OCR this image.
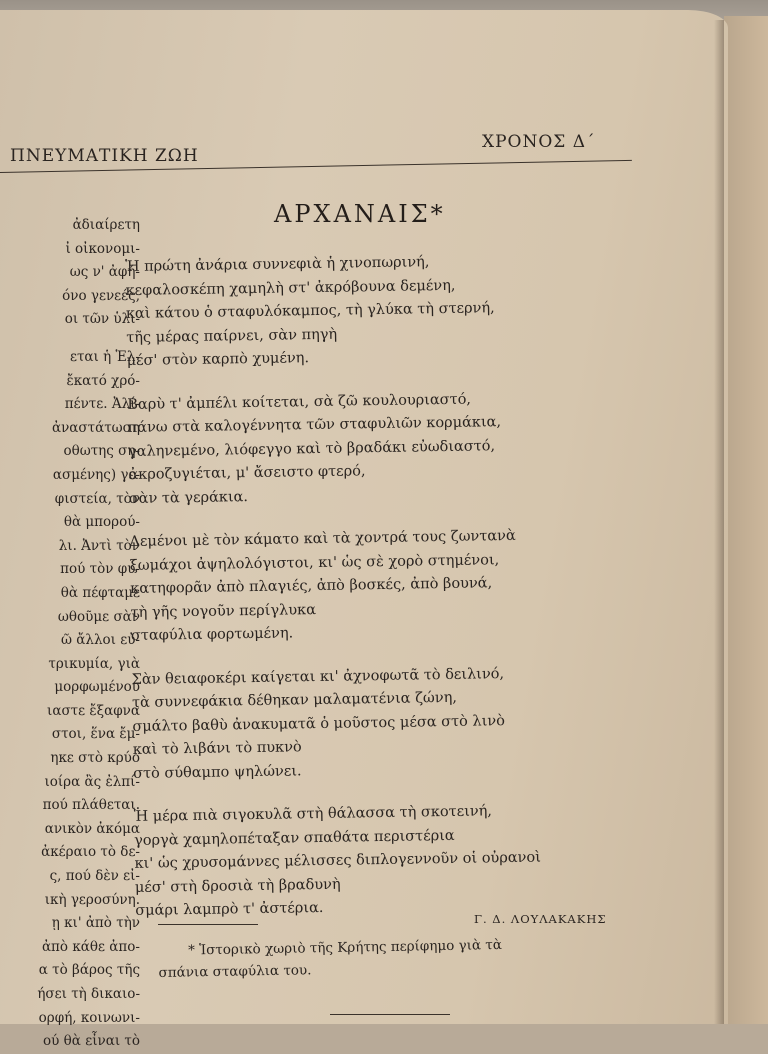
ΠΝΕΥΜΑΤΙΚΗ ΖΩΗ
ΧΡΟΝΟΣ Δ´
ΑΡΧΑΝΑΙΣ*
ἀδιαίρετη
ἰ οἰκονομι-
ως ν' ἀφή-
όνο γενεές,
οι τῶν ὑλι-
εται ἡ Ἑλ-
ἔκατό χρό-
πέντε. Ἀλί-
ἀναστάτωση
οθωτης ση-
ασμένης) γε-
φιστεία, τὸν
θὰ μπορού-
λι. Ἀντὶ τὸν
πού τὸν φυ-
θὰ πέφταμε
ωθοῦμε σὰν
ῶ ἄλλοι εὐ-
τρικυμία, γιὰ
μορφωμένου
ιαστε ἔξαφνα
στοι, ἕνα ἔμ-
ηκε στὸ κρύο
ιοίρα ἂς ἐλπί-
πού πλάθεται.
ανικὸν ἀκόμα
ἀκέραιο τὸ δε-
ς, πού δὲν εἰ-
ικὴ γεροσύνη.
ῃ κι' ἀπὸ τὴν
ἀπὸ κάθε ἀπο-
α τὸ βάρος τῆς
ήσει τὴ δικαιο-
ορφή, κοινωνι-
ού θὰ εἶναι τὸ
Ἡ πρώτη ἀνάρια συννεφιὰ ἡ χινοπωρινή,
κεφαλοσκέπη χαμηλὴ στ' ἀκρόβουνα δεμένη,
καὶ κάτου ὁ σταφυλόκαμπος, τὴ γλύκα τὴ στερνή,
τῆς μέρας παίρνει, σὰν πηγὴ
μέσ' στὸν καρπὸ χυμένη.
Βαρὺ τ' ἀμπέλι κοίτεται, σὰ ζῶ κουλουριαστό,
πάνω στὰ καλογέννητα τῶν σταφυλιῶν κορμάκια,
γαληνεμένο, λιόφεγγο καὶ τὸ βραδάκι εὐωδιαστό,
ἀκροζυγιέται, μ' ἄσειστο φτερό,
σὰν τὰ γεράκια.
Δεμένοι μὲ τὸν κάματο καὶ τὰ χοντρά τους ζωντανὰ
ξωμάχοι ἀψηλολόγιστοι, κι' ὡς σὲ χορὸ στημένοι,
κατηφορᾶν ἀπὸ πλαγιές, ἀπὸ βοσκές, ἀπὸ βουνά,
τὴ γῆς νογοῦν περίγλυκα
σταφύλια φορτωμένη.
Σὰν θειαφοκέρι καίγεται κι' ἀχνοφωτᾶ τὸ δειλινό,
τὰ συννεφάκια δέθηκαν μαλαματένια ζώνη,
σμάλτο βαθὺ ἀνακυματᾶ ὁ μοῦστος μέσα στὸ λινὸ
καὶ τὸ λιβάνι τὸ πυκνὸ
στὸ σύθαμπο ψηλώνει.
Ἡ μέρα πιὰ σιγοκυλᾶ στὴ θάλασσα τὴ σκοτεινή,
γοργὰ χαμηλοπέταξαν σπαθάτα περιστέρια
κι' ὡς χρυσομάννες μέλισσες διπλογεννοῦν οἱ οὐρανοὶ
μέσ' στὴ δροσιὰ τὴ βραδυνὴ
σμάρι λαμπρὸ τ' ἀστέρια.
Γ. Δ. ΛΟΥΛΑΚΑΚΗΣ
* Ἱστορικὸ χωριὸ τῆς Κρήτης περίφημο γιὰ τὰ
σπάνια σταφύλια του.
